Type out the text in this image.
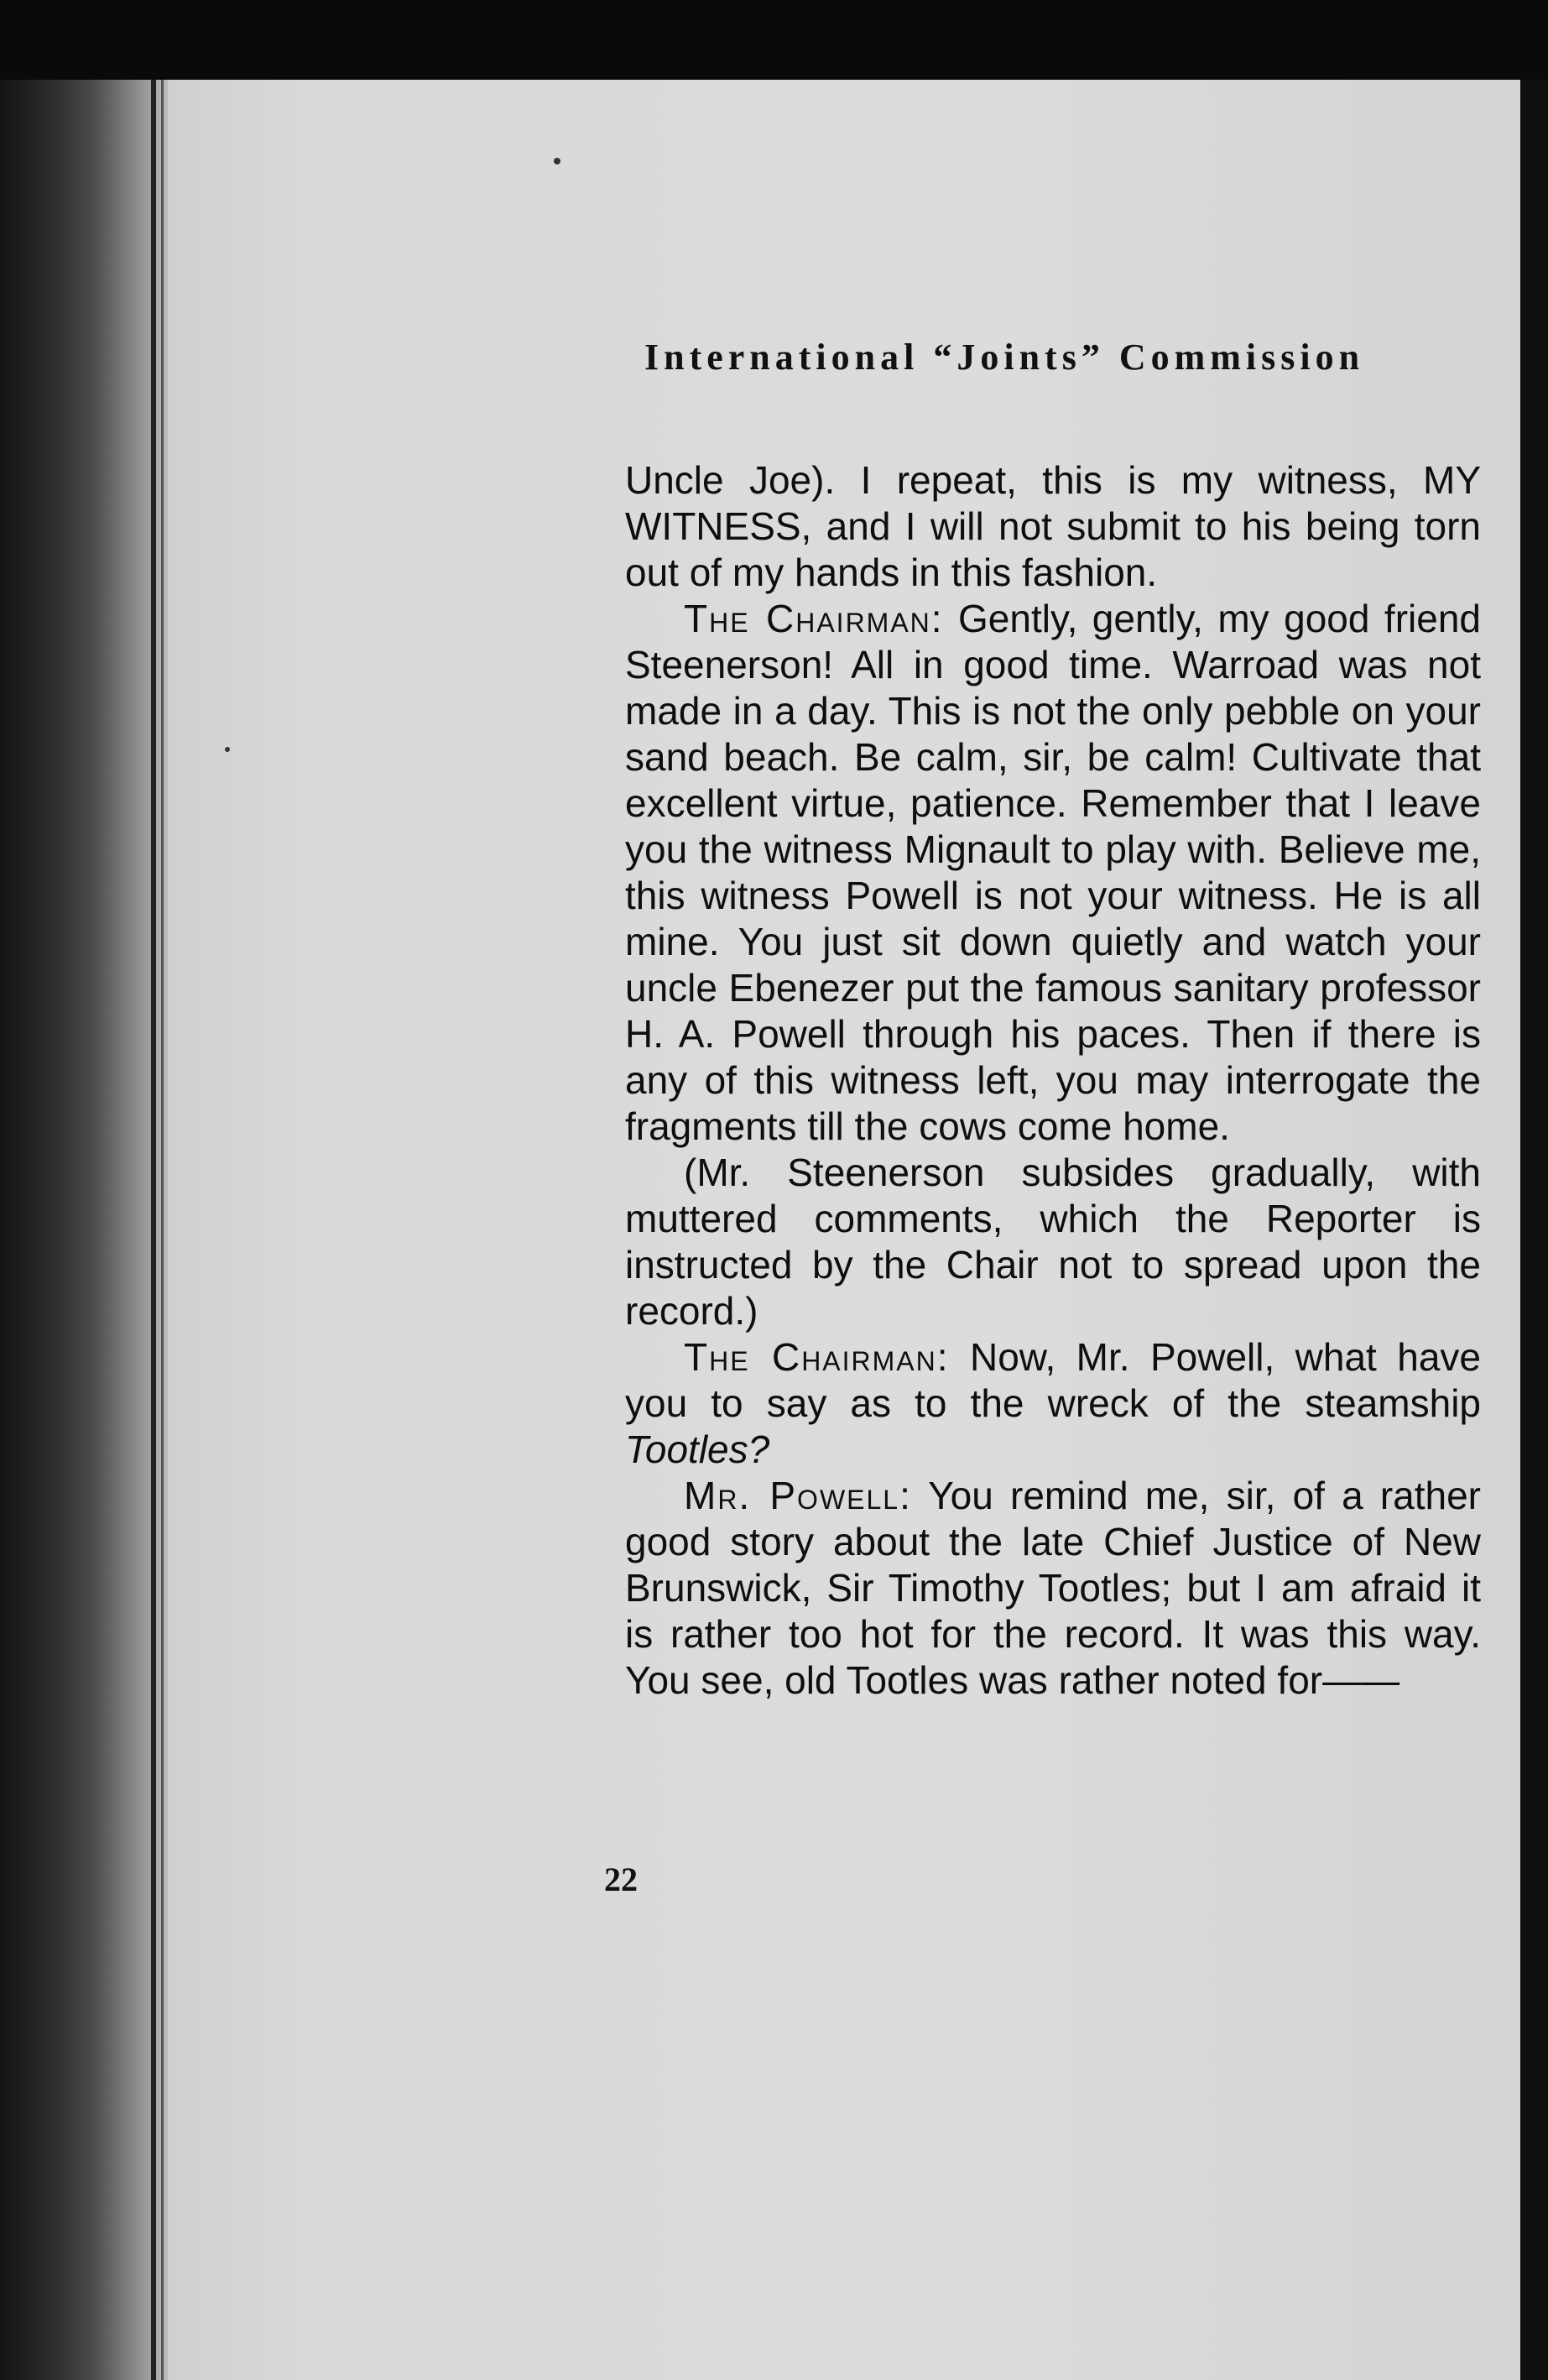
International “Joints” Commission

Uncle Joe). I repeat, this is my witness, MY WITNESS, and I will not submit to his being torn out of my hands in this fashion.

The Chairman: Gently, gently, my good friend Steenerson! All in good time. Warroad was not made in a day. This is not the only pebble on your sand beach. Be calm, sir, be calm! Cultivate that excellent virtue, patience. Remember that I leave you the witness Mignault to play with. Believe me, this witness Powell is not your witness. He is all mine. You just sit down quietly and watch your uncle Ebenezer put the famous sanitary professor H. A. Powell through his paces. Then if there is any of this witness left, you may interrogate the fragments till the cows come home.

(Mr. Steenerson subsides gradually, with muttered comments, which the Reporter is instructed by the Chair not to spread upon the record.)

The Chairman: Now, Mr. Powell, what have you to say as to the wreck of the steamship Tootles?

Mr. Powell: You remind me, sir, of a rather good story about the late Chief Justice of New Brunswick, Sir Timothy Tootles; but I am afraid it is rather too hot for the record. It was this way. You see, old Tootles was rather noted for——

22
